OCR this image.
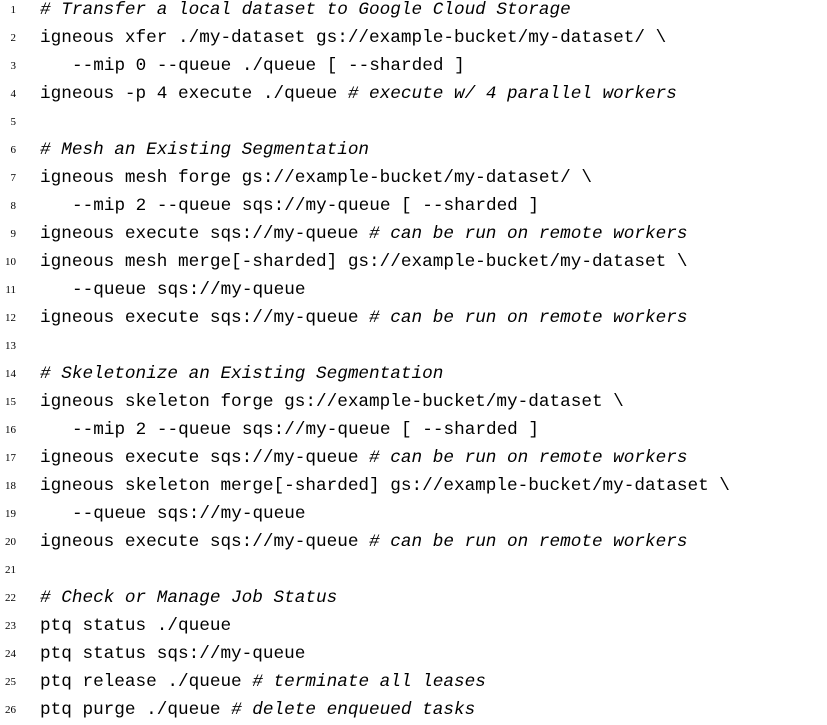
1 # Transfer a local dataset to Google Cloud Storage
2 igneous xfer ./my-dataset gs://example-bucket/my-dataset/ \
3	--mip 0 --queue ./queue [ --sharded ]
4 igneous -p 4 execute ./queue # execute w/ 4 parallel workers
5
6 # Mesh an Existing Segmentation
7 igneous mesh forge gs://example-bucket/my-dataset/ \
8	--mip 2 --queue sqs://my-queue [ --sharded ]
9 igneous execute sqs://my-queue # can be run on remote workers
10 igneous mesh merge[-sharded] gs://example-bucket/my-dataset \
11	--queue sqs://my-queue
12 igneous execute sqs://my-queue # can be run on remote workers
13
14 # Skeletonize an Existing Segmentation
15 igneous skeleton forge gs://example-bucket/my-dataset \
16	--mip 2 --queue sqs://my-queue [ --sharded ]
17 igneous execute sqs://my-queue # can be run on remote workers
18 igneous skeleton merge[-sharded] gs://example-bucket/my-dataset \
19	--queue sqs://my-queue
20 igneous execute sqs://my-queue # can be run on remote workers
21
22 # Check or Manage Job Status
23 ptq status ./queue
24 ptq status sqs://my-queue
25 ptq release ./queue # terminate all leases
26 ptq purge ./queue # delete enqueued tasks
